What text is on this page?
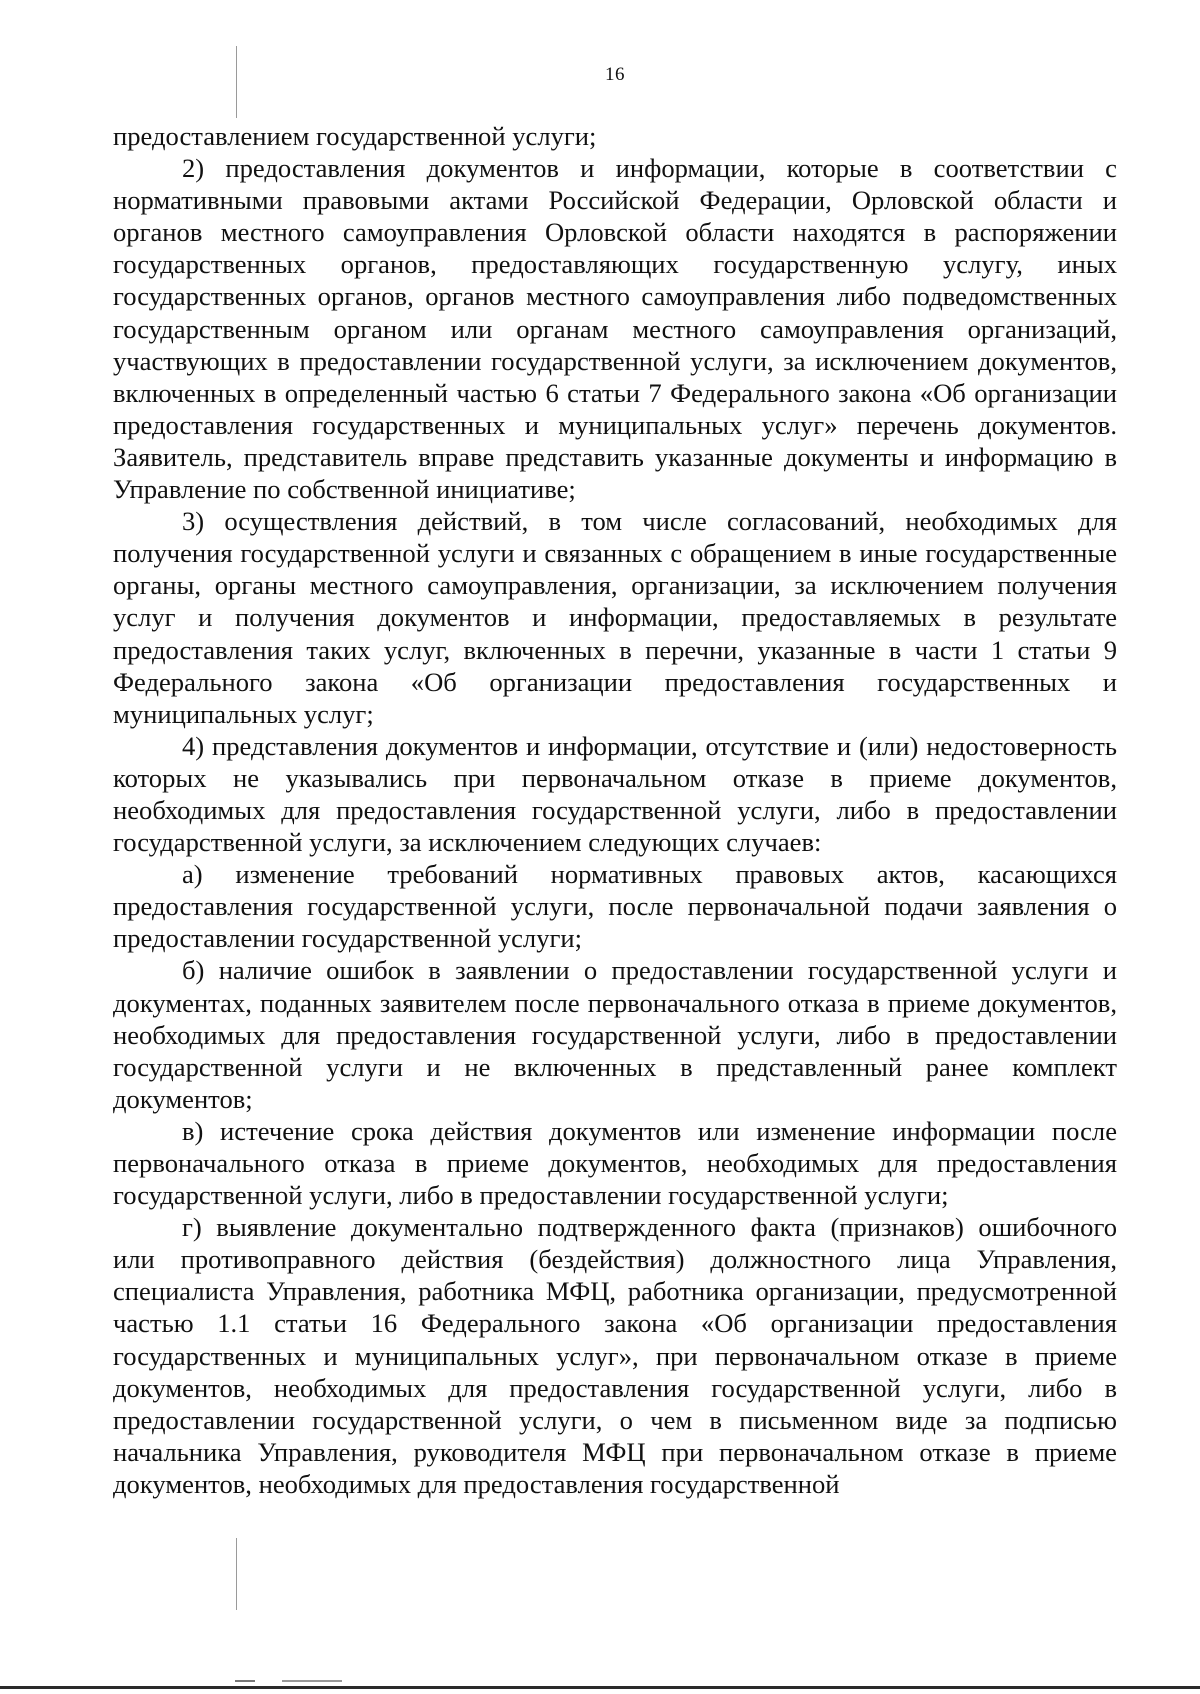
16

предоставлением государственной услуги;

2) предоставления документов и информации, которые в соответствии с нормативными правовыми актами Российской Федерации, Орловской области и органов местного самоуправления Орловской области находятся в распоряжении государственных органов, предоставляющих государственную услугу, иных государственных органов, органов местного самоуправления либо подведомственных государственным органом или органам местного самоуправления организаций, участвующих в предоставлении государственной услуги, за исключением документов, включенных в определенный частью 6 статьи 7 Федерального закона «Об организации предоставления государственных и муниципальных услуг» перечень документов. Заявитель, представитель вправе представить указанные документы и информацию в Управление по собственной инициативе;

3) осуществления действий, в том числе согласований, необходимых для получения государственной услуги и связанных с обращением в иные государственные органы, органы местного самоуправления, организации, за исключением получения услуг и получения документов и информации, предоставляемых в результате предоставления таких услуг, включенных в перечни, указанные в части 1 статьи 9 Федерального закона «Об организации предоставления государственных и муниципальных услуг;

4) представления документов и информации, отсутствие и (или) недостоверность которых не указывались при первоначальном отказе в приеме документов, необходимых для предоставления государственной услуги, либо в предоставлении государственной услуги, за исключением следующих случаев:

а) изменение требований нормативных правовых актов, касающихся предоставления государственной услуги, после первоначальной подачи заявления о предоставлении государственной услуги;

б) наличие ошибок в заявлении о предоставлении государственной услуги и документах, поданных заявителем после первоначального отказа в приеме документов, необходимых для предоставления государственной услуги, либо в предоставлении государственной услуги и не включенных в представленный ранее комплект документов;

в) истечение срока действия документов или изменение информации после первоначального отказа в приеме документов, необходимых для предоставления государственной услуги, либо в предоставлении государственной услуги;

г) выявление документально подтвержденного факта (признаков) ошибочного или противоправного действия (бездействия) должностного лица Управления, специалиста Управления, работника МФЦ, работника организации, предусмотренной частью 1.1 статьи 16 Федерального закона «Об организации предоставления государственных и муниципальных услуг», при первоначальном отказе в приеме документов, необходимых для предоставления государственной услуги, либо в предоставлении государственной услуги, о чем в письменном виде за подписью начальника Управления, руководителя МФЦ при первоначальном отказе в приеме документов, необходимых для предоставления государственной
